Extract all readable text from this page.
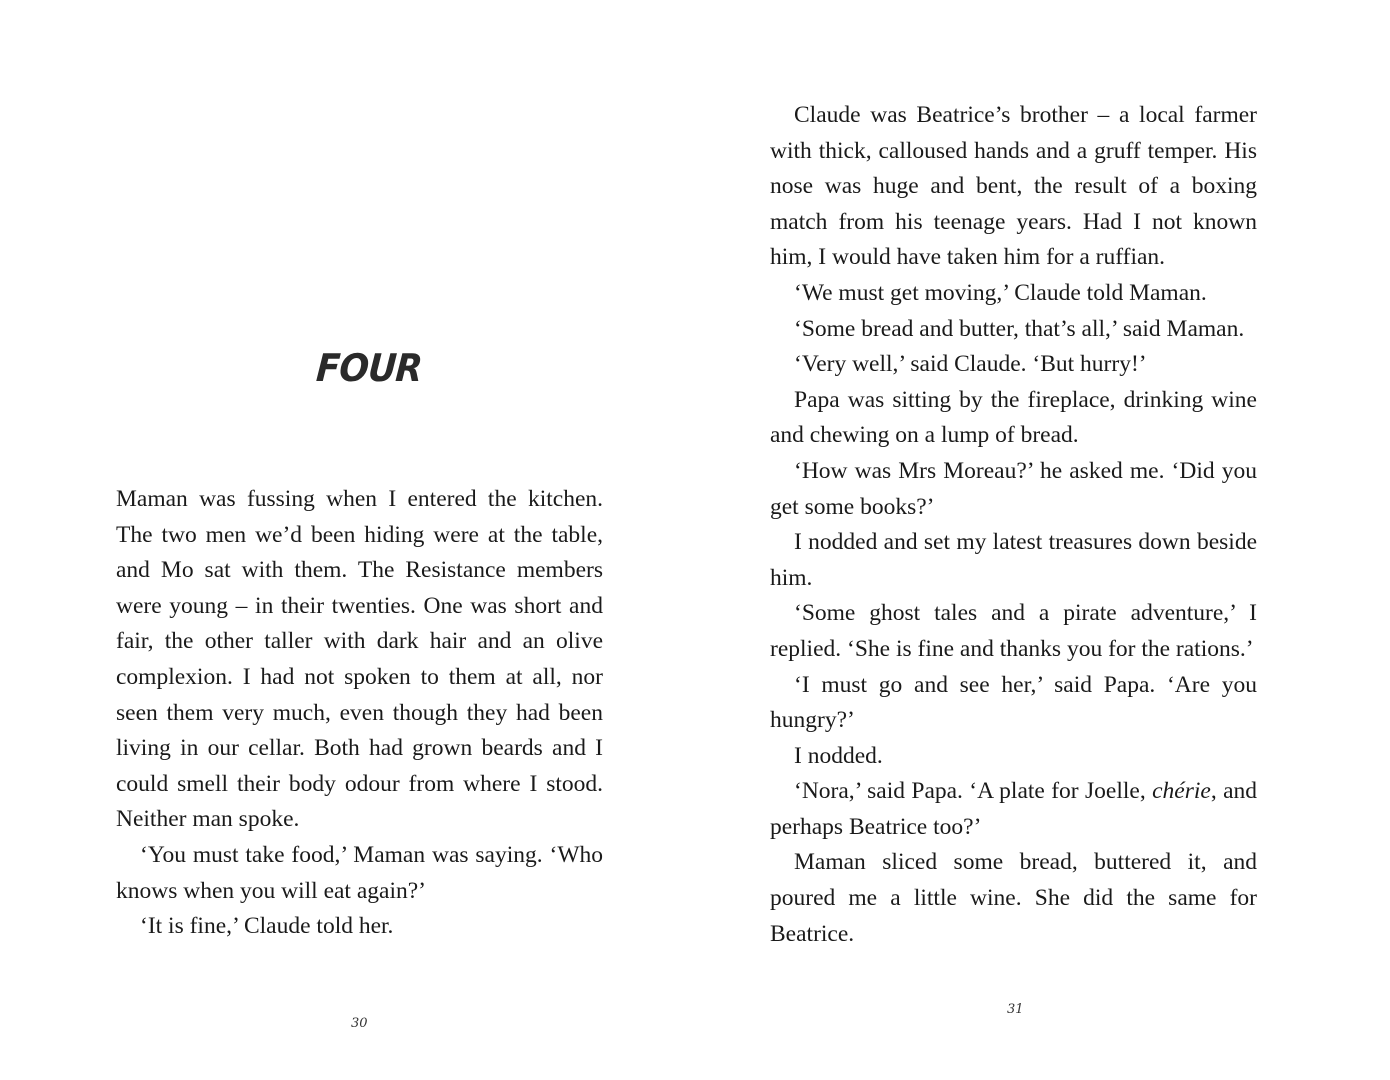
FOUR

Maman was fussing when I entered the kitchen. The two men we’d been hiding were at the table, and Mo sat with them. The Resistance members were young – in their twenties. One was short and fair, the other taller with dark hair and an olive complexion. I had not spoken to them at all, nor seen them very much, even though they had been living in our cellar. Both had grown beards and I could smell their body odour from where I stood. Neither man spoke.

‘You must take food,’ Maman was saying. ‘Who knows when you will eat again?’

‘It is fine,’ Claude told her.

30

Claude was Beatrice’s brother – a local farmer with thick, calloused hands and a gruff temper. His nose was huge and bent, the result of a boxing match from his teenage years. Had I not known him, I would have taken him for a ruffian.

‘We must get moving,’ Claude told Maman.

‘Some bread and butter, that’s all,’ said Maman.

‘Very well,’ said Claude. ‘But hurry!’

Papa was sitting by the fireplace, drinking wine and chewing on a lump of bread.

‘How was Mrs Moreau?’ he asked me. ‘Did you get some books?’

I nodded and set my latest treasures down beside him.

‘Some ghost tales and a pirate adventure,’ I replied. ‘She is fine and thanks you for the rations.’

‘I must go and see her,’ said Papa. ‘Are you hungry?’

I nodded.

‘Nora,’ said Papa. ‘A plate for Joelle, chérie, and perhaps Beatrice too?’

Maman sliced some bread, buttered it, and poured me a little wine. She did the same for Beatrice.

31
